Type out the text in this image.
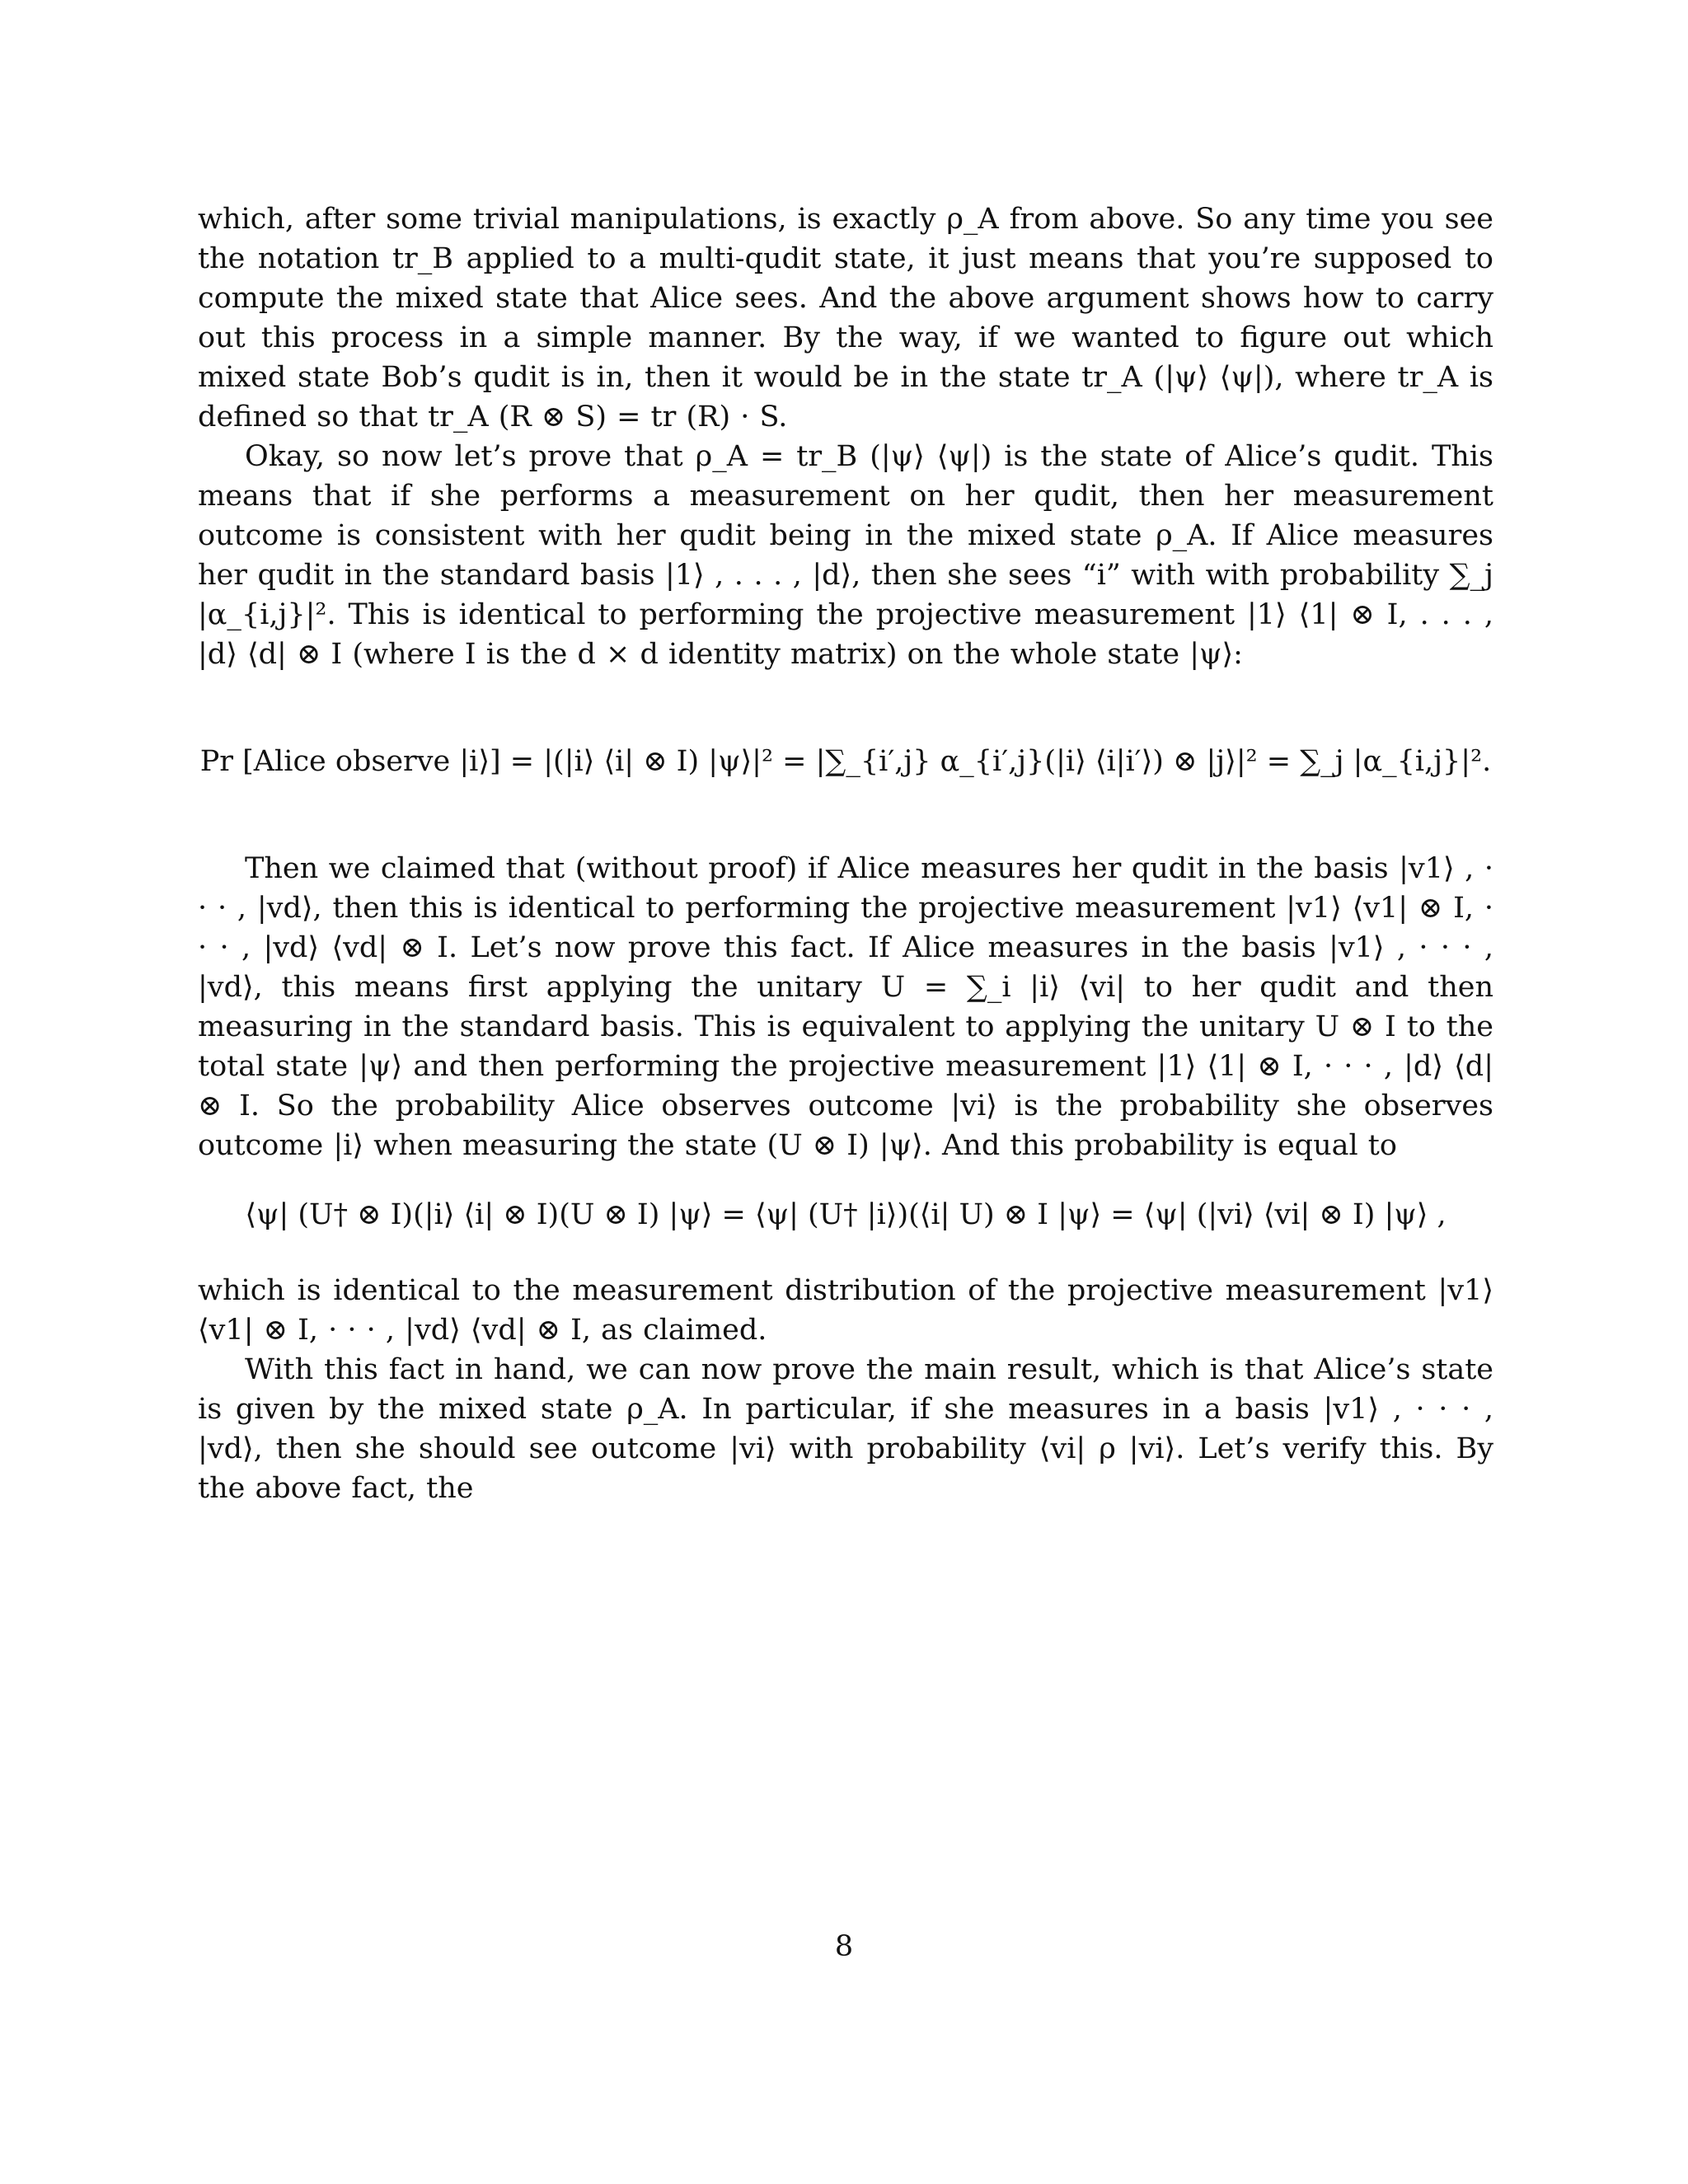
which, after some trivial manipulations, is exactly ρ_A from above. So any time you see the notation tr_B applied to a multi-qudit state, it just means that you’re supposed to compute the mixed state that Alice sees. And the above argument shows how to carry out this process in a simple manner. By the way, if we wanted to figure out which mixed state Bob’s qudit is in, then it would be in the state tr_A (|ψ⟩ ⟨ψ|), where tr_A is defined so that tr_A (R ⊗ S) = tr (R) · S.

Okay, so now let’s prove that ρ_A = tr_B (|ψ⟩ ⟨ψ|) is the state of Alice’s qudit. This means that if she performs a measurement on her qudit, then her measurement outcome is consistent with her qudit being in the mixed state ρ_A. If Alice measures her qudit in the standard basis |1⟩ , . . . , |d⟩, then she sees “i” with with probability ∑_j |α_{i,j}|². This is identical to performing the projective measurement |1⟩ ⟨1| ⊗ I, . . . , |d⟩ ⟨d| ⊗ I (where I is the d × d identity matrix) on the whole state |ψ⟩:

Pr [Alice observe |i⟩] = |(|i⟩ ⟨i| ⊗ I) |ψ⟩|² = |∑_{i′,j} α_{i′,j}(|i⟩ ⟨i|i′⟩) ⊗ |j⟩|² = ∑_j |α_{i,j}|².

Then we claimed that (without proof) if Alice measures her qudit in the basis |v1⟩ , · · · , |vd⟩, then this is identical to performing the projective measurement |v1⟩ ⟨v1| ⊗ I, · · · , |vd⟩ ⟨vd| ⊗ I. Let’s now prove this fact. If Alice measures in the basis |v1⟩ , · · · , |vd⟩, this means first applying the unitary U = ∑_i |i⟩ ⟨vi| to her qudit and then measuring in the standard basis. This is equivalent to applying the unitary U ⊗ I to the total state |ψ⟩ and then performing the projective measurement |1⟩ ⟨1| ⊗ I, · · · , |d⟩ ⟨d| ⊗ I. So the probability Alice observes outcome |vi⟩ is the probability she observes outcome |i⟩ when measuring the state (U ⊗ I) |ψ⟩. And this probability is equal to

⟨ψ| (U† ⊗ I)(|i⟩ ⟨i| ⊗ I)(U ⊗ I) |ψ⟩ = ⟨ψ| (U† |i⟩)(⟨i| U) ⊗ I |ψ⟩ = ⟨ψ| (|vi⟩ ⟨vi| ⊗ I) |ψ⟩ ,

which is identical to the measurement distribution of the projective measurement |v1⟩ ⟨v1| ⊗ I, · · · , |vd⟩ ⟨vd| ⊗ I, as claimed.

With this fact in hand, we can now prove the main result, which is that Alice’s state is given by the mixed state ρ_A. In particular, if she measures in a basis |v1⟩ , · · · , |vd⟩, then she should see outcome |vi⟩ with probability ⟨vi| ρ |vi⟩. Let’s verify this. By the above fact, the

8
